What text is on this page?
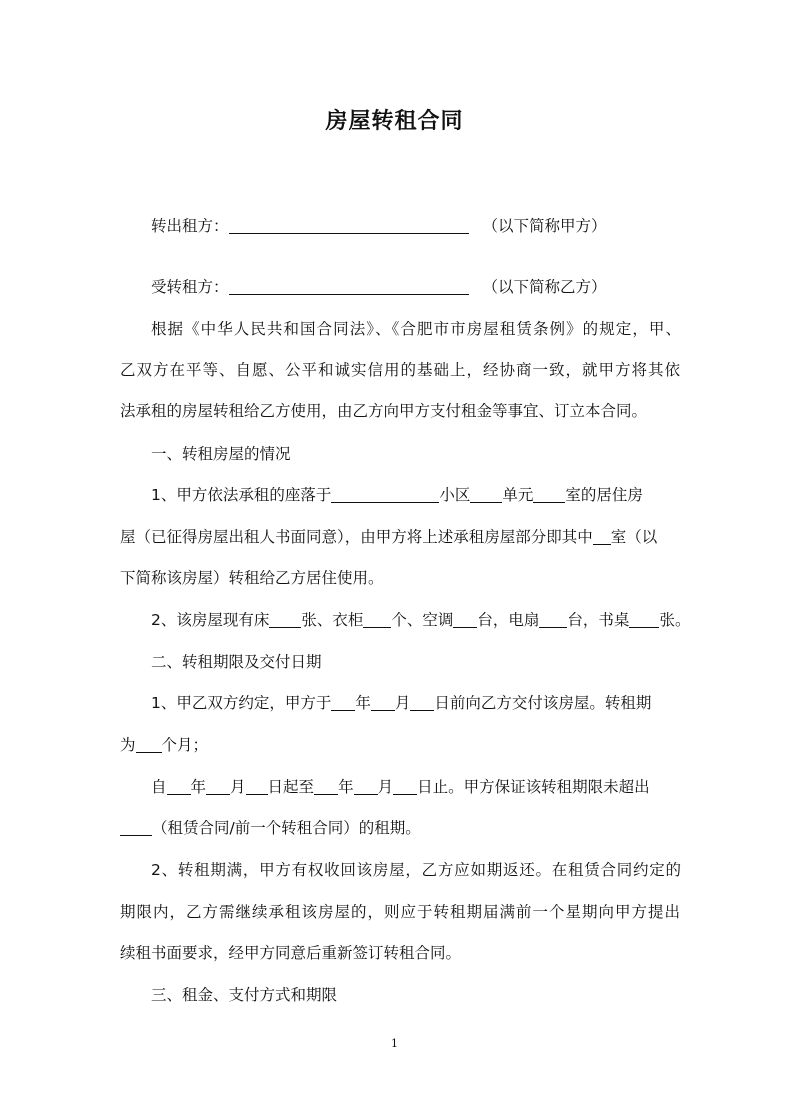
房屋转租合同
转出租方：	（以下简称甲方）
受转租方：	（以下简称乙方）
根据《中华人民共和国合同法》、《合肥市市房屋租赁条例》的规定，甲、
乙双方在平等、自愿、公平和诚实信用的基础上，经协商一致，就甲方将其依
法承租的房屋转租给乙方使用，由乙方向甲方支付租金等事宜、订立本合同。
一、转租房屋的情况
1、甲方依法承租的座落于	小区 单元 室的居住房
屋（已征得房屋出租人书面同意），由甲方将上述承租房屋部分即其中 室（以
下简称该房屋）转租给乙方居住使用。
2、该房屋现有床 张、衣柜 个、空调 台，电扇 台，书桌 张。
二、转租期限及交付日期
1、甲乙双方约定，甲方于 年 月 日前向乙方交付该房屋。转租期
为 个月；
自 年 月 日起至 年 月 日止。甲方保证该转租期限未超出
（租赁合同/前一个转租合同）的租期。
2、转租期满，甲方有权收回该房屋，乙方应如期返还。在租赁合同约定的
期限内，乙方需继续承租该房屋的，则应于转租期届满前一个星期向甲方提出
续租书面要求，经甲方同意后重新签订转租合同。
三、租金、支付方式和期限
1
